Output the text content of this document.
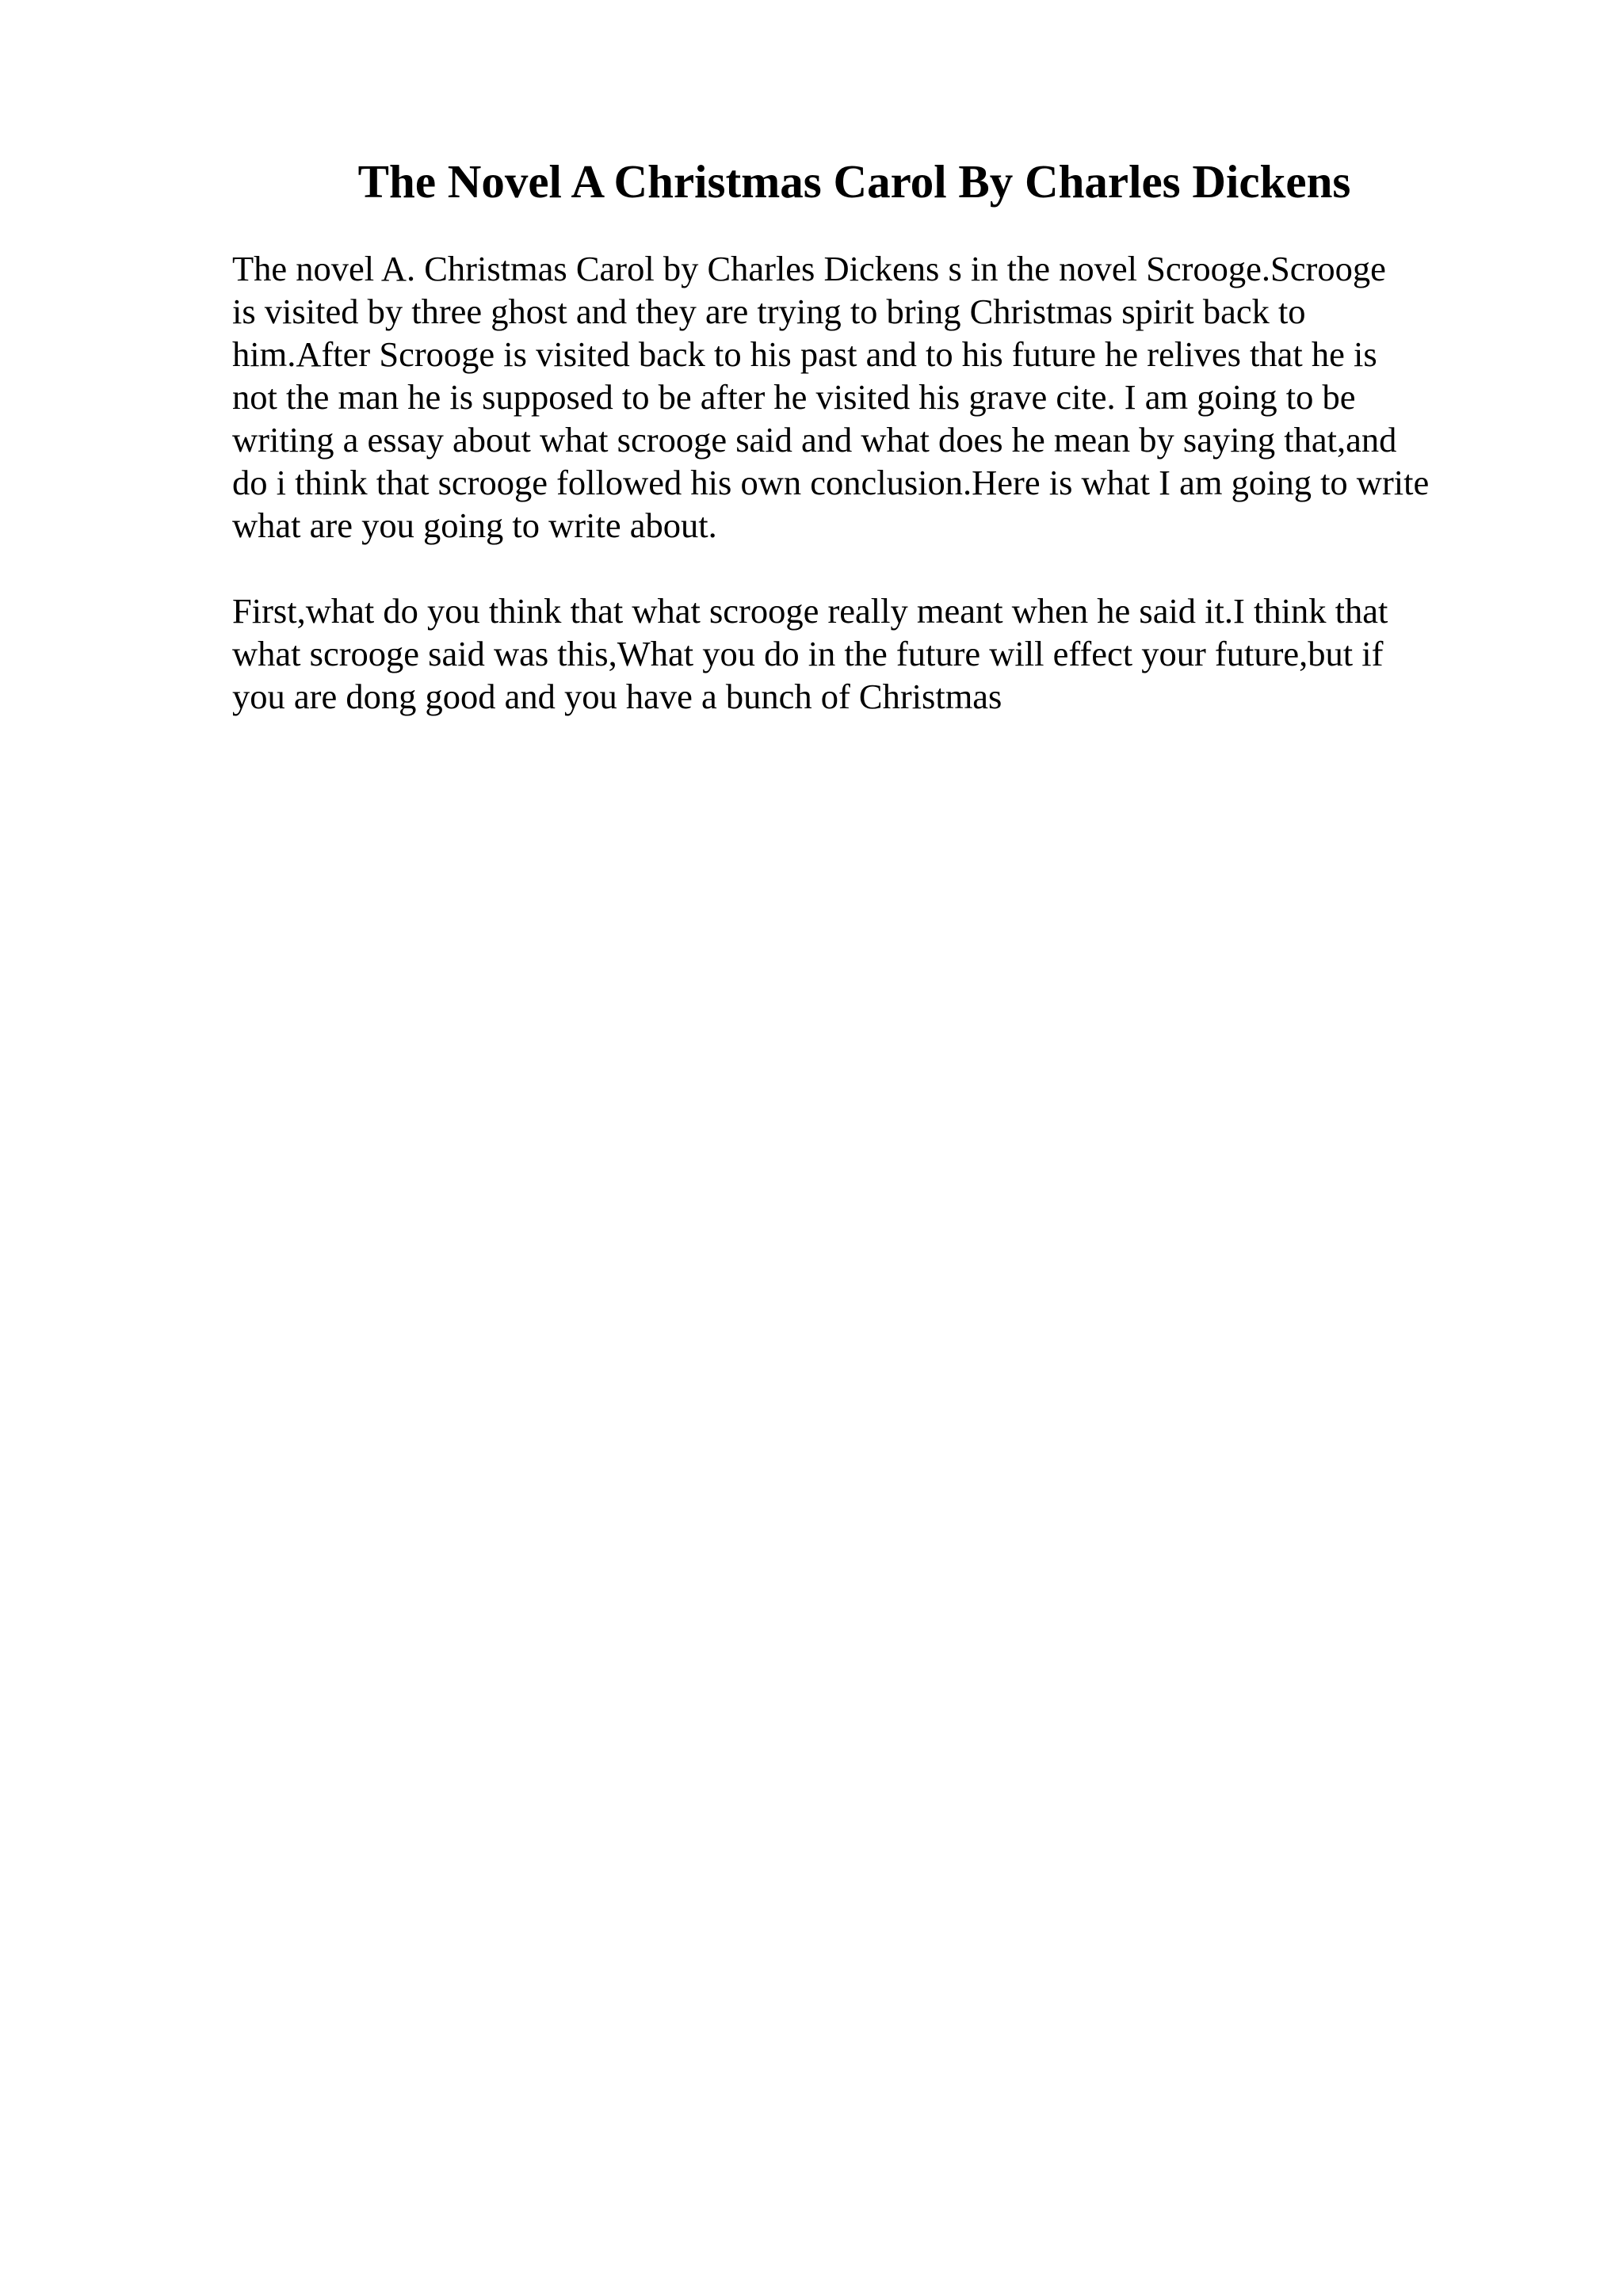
The Novel A Christmas Carol By Charles Dickens

The novel A. Christmas Carol by Charles Dickens s in the novel Scrooge.Scrooge
is visited by three ghost and they are trying to bring Christmas spirit back to
him.After Scrooge is visited back to his past and to his future he relives that he is
not the man he is supposed to be after he visited his grave cite. I am going to be
writing a essay about what scrooge said and what does he mean by saying that,and
do i think that scrooge followed his own conclusion.Here is what I am going to write
what are you going to write about.

First,what do you think that what scrooge really meant when he said it.I think that
what scrooge said was this,What you do in the future will effect your future,but if
you are dong good and you have a bunch of Christmas
